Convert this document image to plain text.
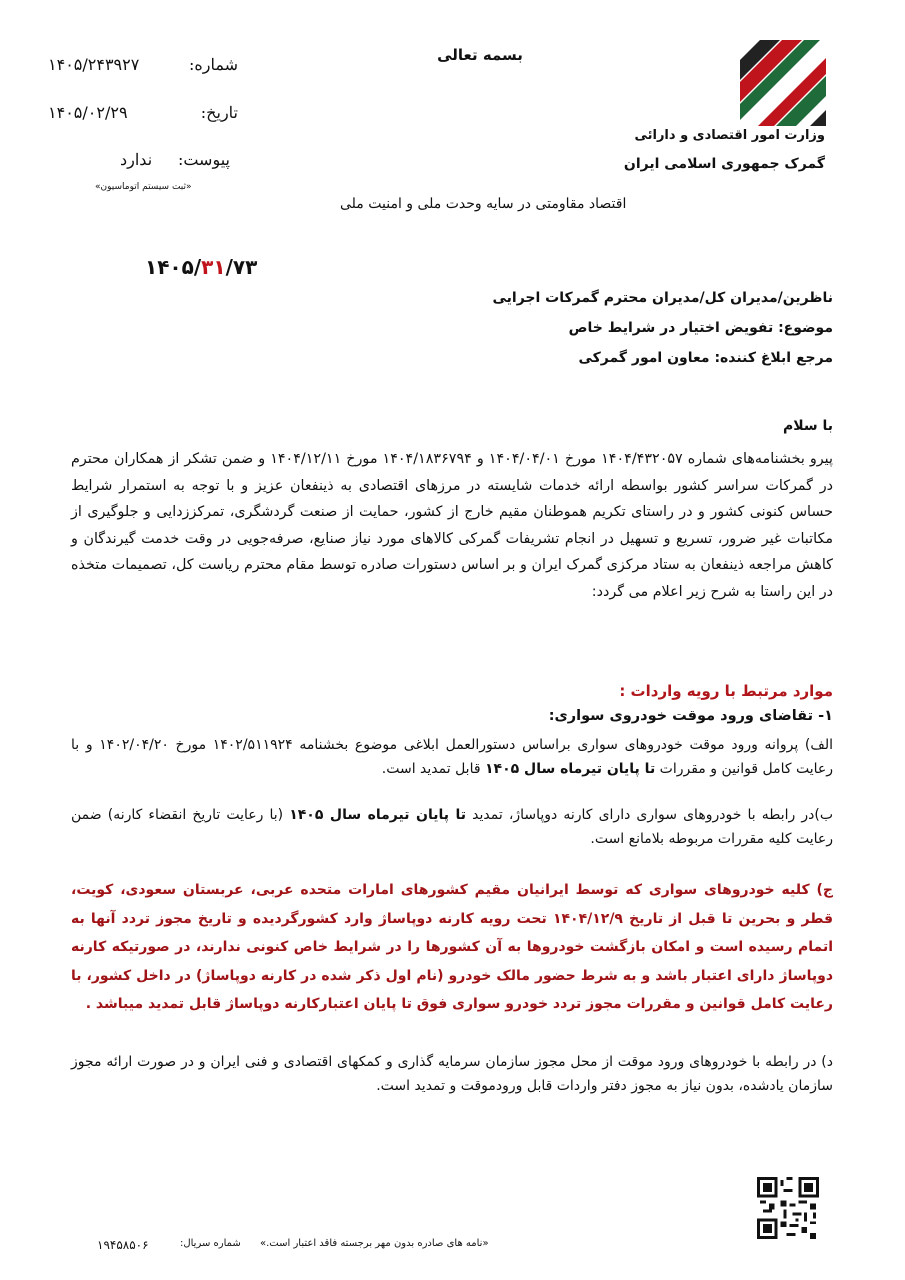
وزارت امور اقتصادی و دارائی
گمرک جمهوری اسلامی ایران
بسمه تعالی
شماره:
۱۴۰۵/۲۴۳۹۲۷
تاریخ:
۱۴۰۵/۰۲/۲۹
پیوست:
ندارد
«ثبت سیستم اتوماسیون»
اقتصاد مقاومتی در سایه وحدت ملی و امنیت ملی
۱۴۰۵/۳۱/۷۳
ناظرین/مدیران کل/مدیران محترم گمرکات اجرایی
موضوع: تفویض اختیار در شرایط خاص
مرجع ابلاغ کننده: معاون امور گمرکی
با سلام
پیرو بخشنامه‌های شماره ۱۴۰۴/۴۳۲۰۵۷ مورخ ۱۴۰۴/۰۴/۰۱ و ۱۴۰۴/۱۸۳۶۷۹۴ مورخ ۱۴۰۴/۱۲/۱۱ و ضمن تشکر از همکاران محترم در گمرکات سراسر کشور بواسطه ارائه خدمات شایسته در مرزهای اقتصادی به ذینفعان عزیز و با توجه به استمرار شرایط حساس کنونی کشور و در راستای تکریم هموطنان مقیم خارج از کشور، حمایت از صنعت گردشگری، تمرکززدایی و جلوگیری از مکاتبات غیر ضرور، تسریع و تسهیل در انجام تشریفات گمرکی کالاهای مورد نیاز صنایع، صرفه‌جویی در وقت خدمت گیرندگان و کاهش مراجعه ذینفعان به ستاد مرکزی گمرک ایران و بر اساس دستورات صادره توسط مقام محترم ریاست کل، تصمیمات متخذه در این راستا به شرح زیر اعلام می گردد:
موارد مرتبط با رویه واردات :
۱- تقاضای ورود موقت خودروی سواری:
الف) پروانه ورود موقت خودروهای سواری براساس دستورالعمل ابلاغی موضوع بخشنامه ۱۴۰۲/۵۱۱۹۲۴ مورخ ۱۴۰۲/۰۴/۲۰ و با رعایت کامل قوانین و مقررات تا پایان تیرماه سال ۱۴۰۵ قابل تمدید است.
ب)در رابطه با خودروهای سواری دارای کارنه دوپاساژ، تمدید تا پایان تیرماه سال ۱۴۰۵ (با رعایت تاریخ انقضاء کارنه) ضمن رعایت کلیه مقررات مربوطه بلامانع است.
ج) کلیه خودروهای سواری که توسط ایرانیان مقیم کشورهای امارات متحده عربی، عربستان سعودی، کویت، قطر و بحرین تا قبل از تاریخ ۱۴۰۴/۱۲/۹ تحت رویه کارنه دوپاساژ وارد کشورگردیده و تاریخ مجوز تردد آنها به اتمام رسیده است و امکان بازگشت خودروها به آن کشورها را در شرایط خاص کنونی ندارند، در صورتیکه کارنه دوپاساژ دارای اعتبار باشد و به شرط حضور مالک خودرو (نام اول ذکر شده در کارنه دوپاساژ) در داخل کشور، با رعایت کامل قوانین و مقررات مجوز تردد خودرو سواری فوق تا پایان اعتبارکارنه دوپاساژ قابل تمدید میباشد .
د) در رابطه با خودروهای ورود موقت از محل مجوز سازمان سرمایه گذاری و کمکهای اقتصادی و فنی ایران و در صورت ارائه مجوز سازمان یادشده، بدون نیاز به مجوز دفتر واردات قابل ورودموقت و تمدید است.
۱۹۴۵۸۵۰۶	شماره سریال: «نامه های صادره بدون مهر برجسته فاقد اعتبار است.»
